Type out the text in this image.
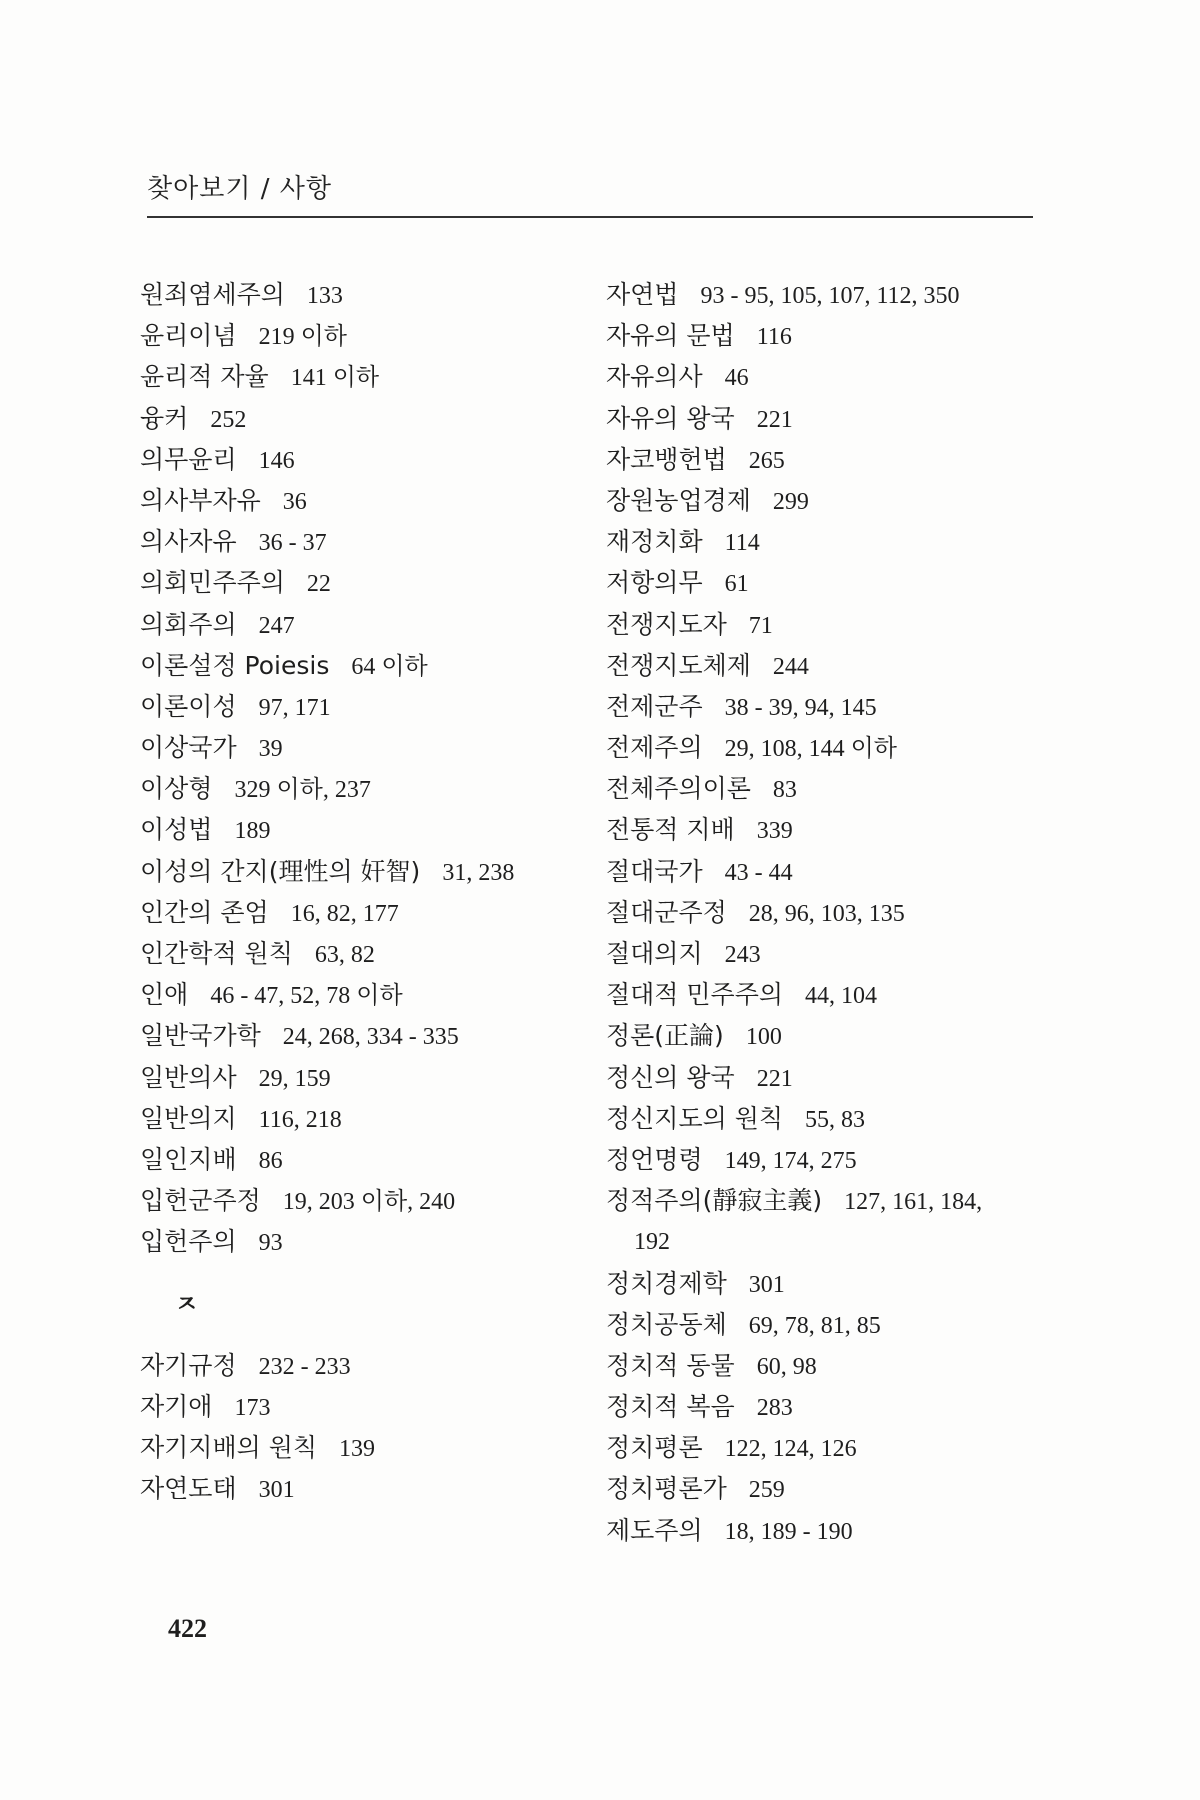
찾아보기 / 사항
원죄염세주의 133
윤리이념 219 이하
윤리적 자율 141 이하
융커 252
의무윤리 146
의사부자유 36
의사자유 36 - 37
의회민주주의 22
의회주의 247
이론설정 Poiesis 64 이하
이론이성 97, 171
이상국가 39
이상형 329 이하, 237
이성법 189
이성의 간지(理性의 奸智) 31, 238
인간의 존엄 16, 82, 177
인간학적 원칙 63, 82
인애 46 - 47, 52, 78 이하
일반국가학 24, 268, 334 - 335
일반의사 29, 159
일반의지 116, 218
일인지배 86
입헌군주정 19, 203 이하, 240
입헌주의 93
ㅈ
자기규정 232 - 233
자기애 173
자기지배의 원칙 139
자연도태 301
자연법 93 - 95, 105, 107, 112, 350
자유의 문법 116
자유의사 46
자유의 왕국 221
자코뱅헌법 265
장원농업경제 299
재정치화 114
저항의무 61
전쟁지도자 71
전쟁지도체제 244
전제군주 38 - 39, 94, 145
전제주의 29, 108, 144 이하
전체주의이론 83
전통적 지배 339
절대국가 43 - 44
절대군주정 28, 96, 103, 135
절대의지 243
절대적 민주주의 44, 104
정론(正論) 100
정신의 왕국 221
정신지도의 원칙 55, 83
정언명령 149, 174, 275
정적주의(靜寂主義) 127, 161, 184,
192
정치경제학 301
정치공동체 69, 78, 81, 85
정치적 동물 60, 98
정치적 복음 283
정치평론 122, 124, 126
정치평론가 259
제도주의 18, 189 - 190
422
